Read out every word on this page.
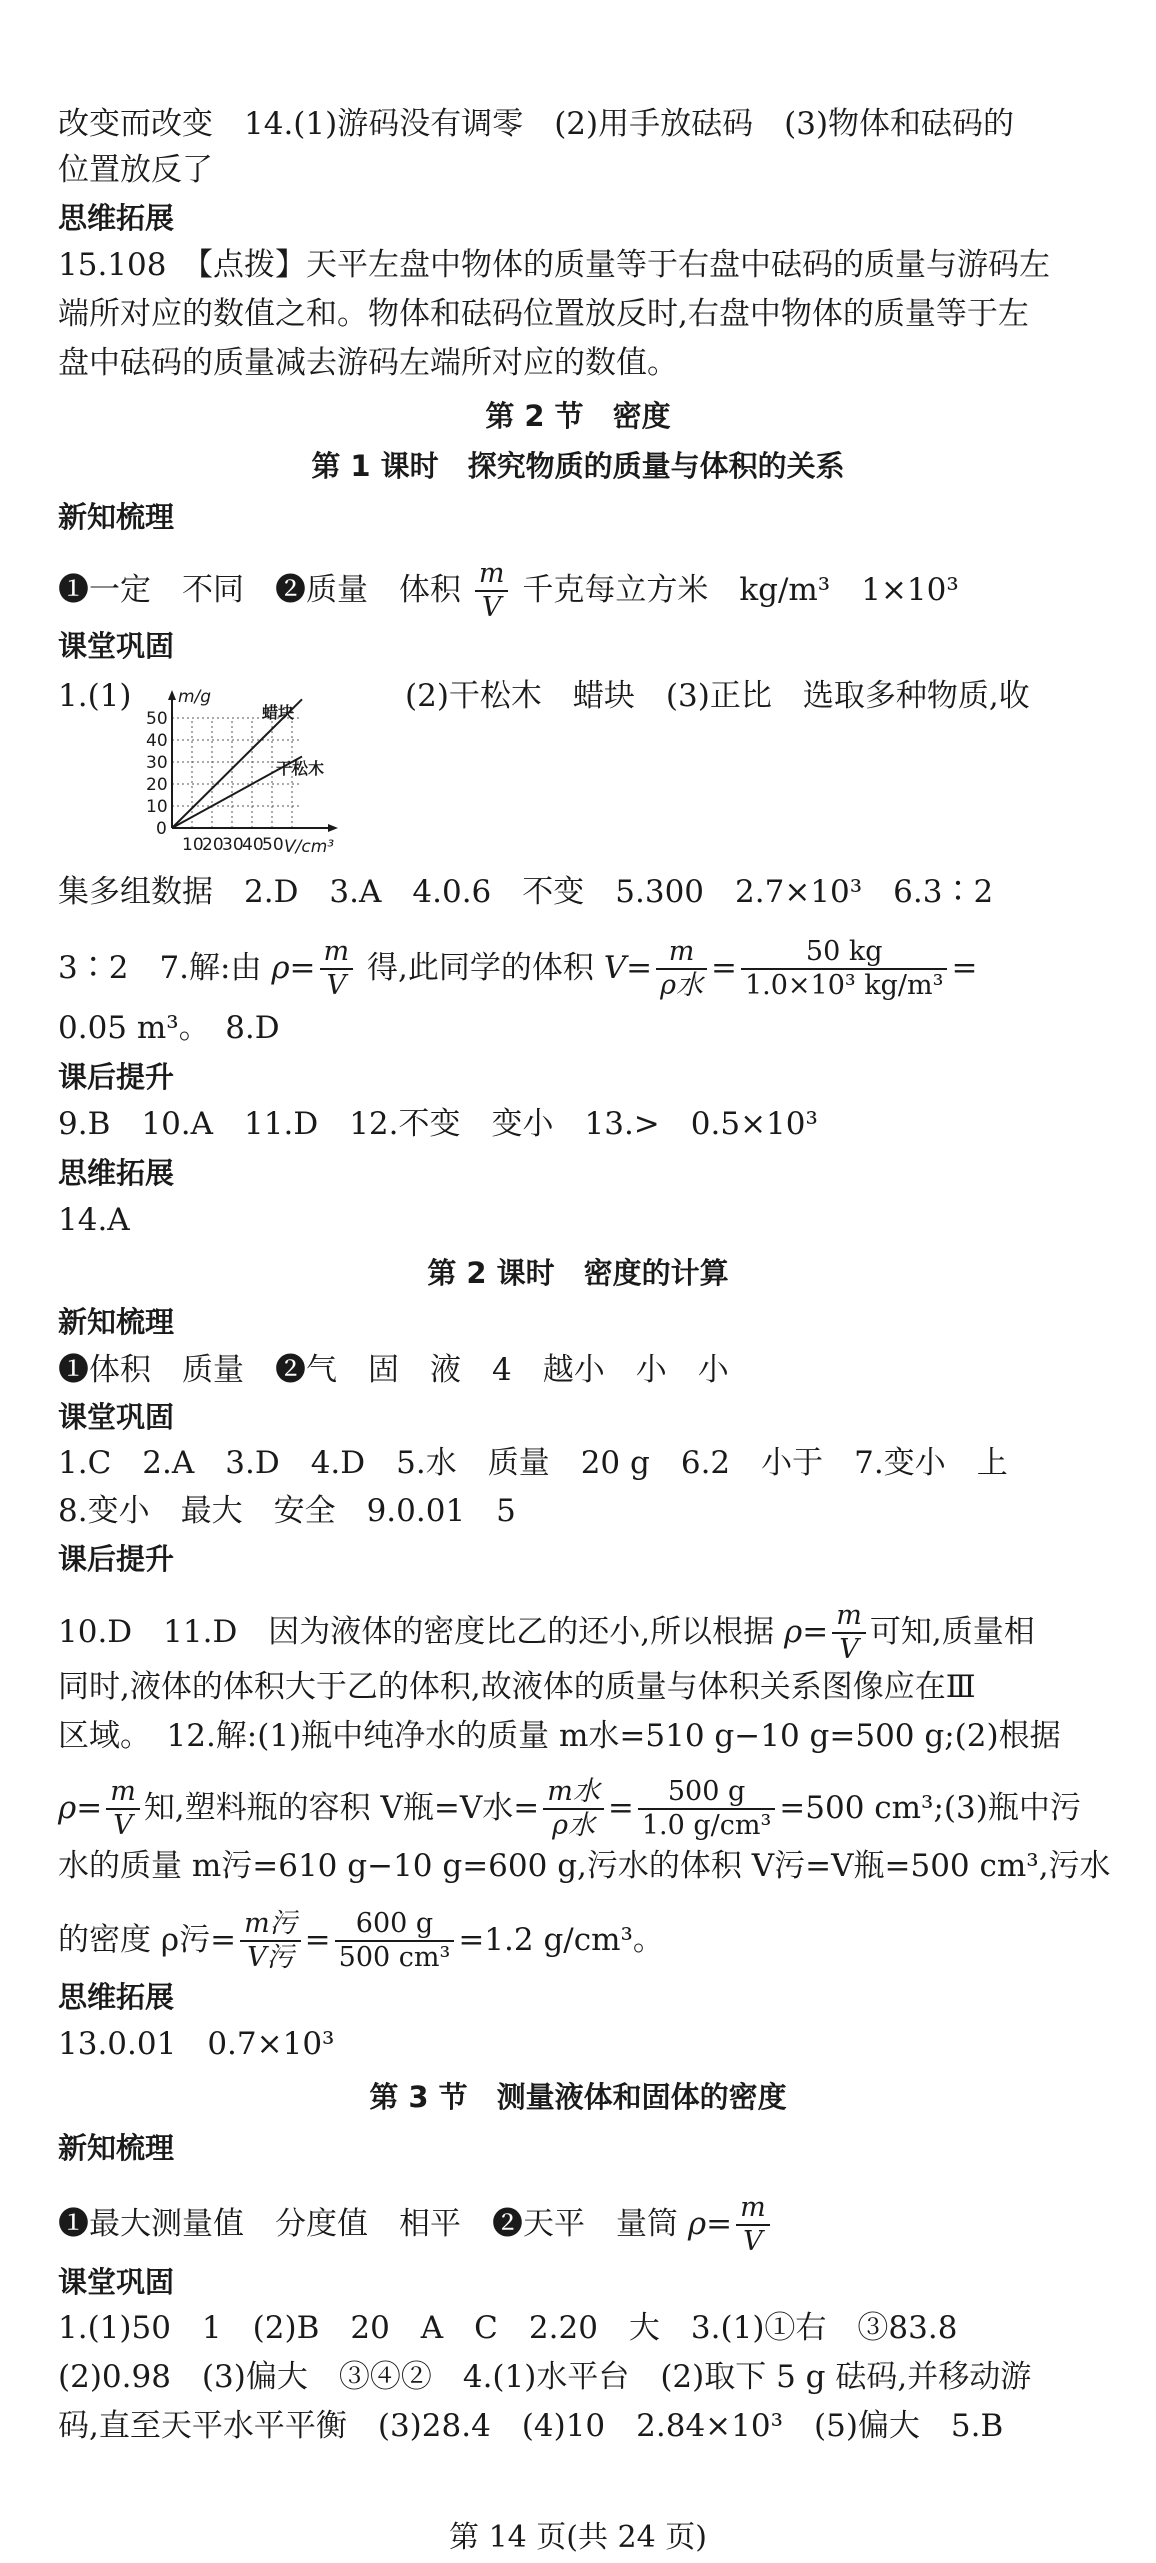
改变而改变　14.(1)游码没有调零　(2)用手放砝码　(3)物体和砝码的
位置放反了
思维拓展
15.108　【点拨】天平左盘中物体的质量等于右盘中砝码的质量与游码左
端所对应的数值之和。物体和砝码位置放反时,右盘中物体的质量等于左
盘中砝码的质量减去游码左端所对应的数值。
第 2 节　密度
第 1 课时　探究物质的质量与体积的关系
新知梳理
❶一定　不同　❷质量　体积 $\frac{m}{V}$ 千克每立方米　kg/m³　1×10³
课堂巩固
1.(1)	(2)干松木　蜡块　(3)正比　选取多种物质,收
m/g
50
40
30
20
10
0
10
20
30
40
50 V/cm³
蜡块
干松木
集多组数据　2.D　3.A　4.0.6　不变　5.300　2.7×10³　6.3∶2
3∶2　7.解:由 $\rho= \frac{m}{V}$ 得,此同学的体积 $V= \frac{m}{\text{ρ水}} = \frac{50 kg}{\text{1.0×10³ kg/m³}}$ =
0.05 m³。　8.D
课后提升
9.B　10.A　11.D　12.不变　变小　13.>　0.5×10³
思维拓展
14.A
第 2 课时　密度的计算
新知梳理
❶体积　质量　❷气　固　液　4　越小　小　小
课堂巩固
1.C　2.A　3.D　4.D　5.水　质量　20 g　6.2　小于　7.变小　上
8.变小　最大　安全　9.0.01　5
课后提升
10.D　11.D　因为液体的密度比乙的还小,所以根据 $\rho= \frac{m}{V}$ 可知,质量相
同时,液体的体积大于乙的体积,故液体的质量与体积关系图像应在Ⅲ
区域。　12.解:(1)瓶中纯净水的质量 m水=510 g−10 g=500 g;(2)根据
$\rho= \frac{m}{V}$ 知,塑料瓶的容积 V瓶=V水= $\frac{\text{m水}}{\text{ρ水}} = \frac{500 g}{\text{1.0 g/cm³}} =500$ cm³;(3)瓶中污
水的质量 m污=610 g−10 g=600 g,污水的体积 V污=V瓶=500 cm³,污水
的密度 ρ污= $\frac{\text{m污}}{\text{V污}} = \frac{600 g}{\text{500 cm³}} =1.2$ g/cm³。
思维拓展
13.0.01　0.7×10³
第 3 节　测量液体和固体的密度
新知梳理
❶最大测量值　分度值　相平　❷天平　量筒 $\rho= \frac{m}{V}$
课堂巩固
1.(1)50　1　(2)B　20　A　C　2.20　大　3.(1)①右　③83.8
(2)0.98　(3)偏大　③④②　4.(1)水平台　(2)取下 5 g 砝码,并移动游
码,直至天平水平平衡　(3)28.4　(4)10　2.84×10³　(5)偏大　5.B
第 14 页(共 24 页)
